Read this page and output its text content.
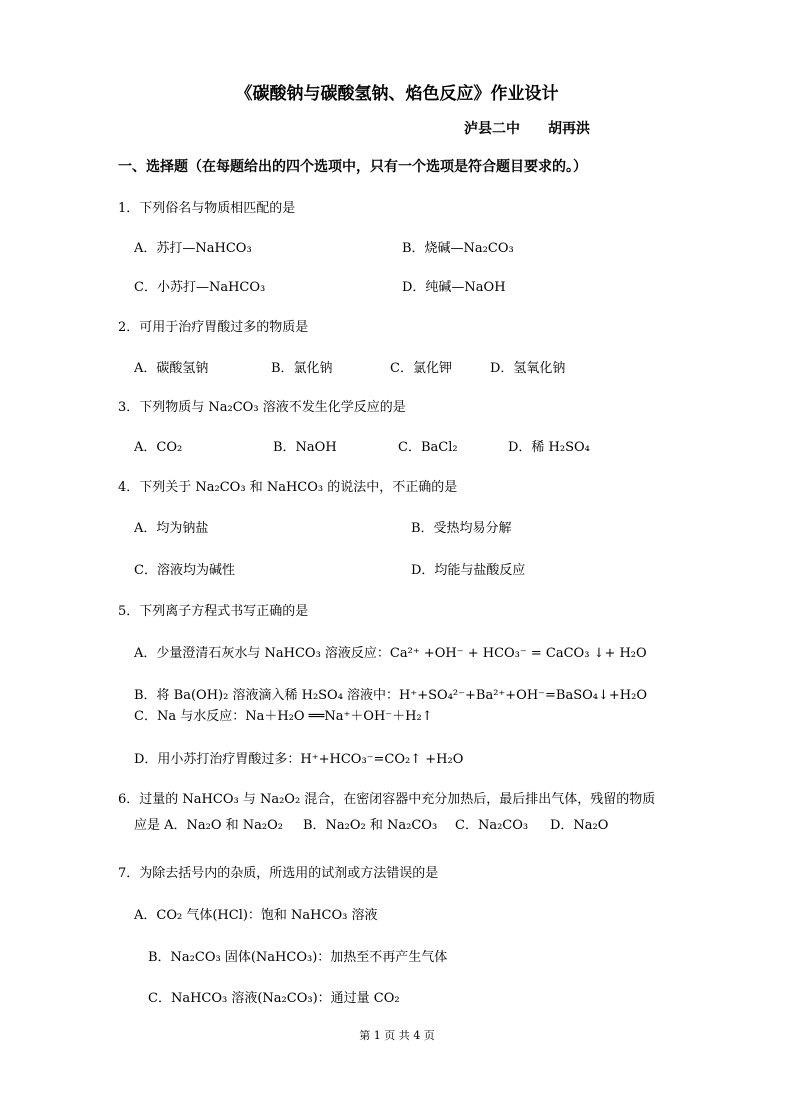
《碳酸钠与碳酸氢钠、焰色反应》作业设计
泸县二中 胡再洪
一、选择题（在每题给出的四个选项中，只有一个选项是符合题目要求的。）
1．下列俗名与物质相匹配的是
A．苏打—NaHCO₃	B．烧碱—Na₂CO₃
C．小苏打—NaHCO₃	D．纯碱—NaOH
2．可用于治疗胃酸过多的物质是
A．碳酸氢钠	B．氯化钠	C．氯化钾	D．氢氧化钠
3．下列物质与 Na₂CO₃ 溶液不发生化学反应的是
A．CO₂	B．NaOH	C．BaCl₂	D．稀 H₂SO₄
4．下列关于 Na₂CO₃ 和 NaHCO₃ 的说法中，不正确的是
A．均为钠盐	B．受热均易分解
C．溶液均为碱性	D．均能与盐酸反应
5．下列离子方程式书写正确的是
A．少量澄清石灰水与 NaHCO₃ 溶液反应：Ca²⁺ +OH⁻ + HCO₃⁻ = CaCO₃ ↓+ H₂O
B．将 Ba(OH)₂ 溶液滴入稀 H₂SO₄ 溶液中：H⁺+SO₄²⁻+Ba²⁺+OH⁻=BaSO₄↓+H₂O
C．Na 与水反应：Na＋H₂O ══Na⁺＋OH⁻＋H₂↑
D．用小苏打治疗胃酸过多：H⁺+HCO₃⁻=CO₂↑ +H₂O
6．过量的 NaHCO₃ 与 Na₂O₂ 混合，在密闭容器中充分加热后，最后排出气体，残留的物质
应是 A．Na₂O 和 Na₂O₂ B．Na₂O₂ 和 Na₂CO₃ C．Na₂CO₃ D．Na₂O
7．为除去括号内的杂质，所选用的试剂或方法错误的是
A．CO₂ 气体(HCl)：饱和 NaHCO₃ 溶液
B．Na₂CO₃ 固体(NaHCO₃)：加热至不再产生气体
C．NaHCO₃ 溶液(Na₂CO₃)：通过量 CO₂
第 1 页 共 4 页
